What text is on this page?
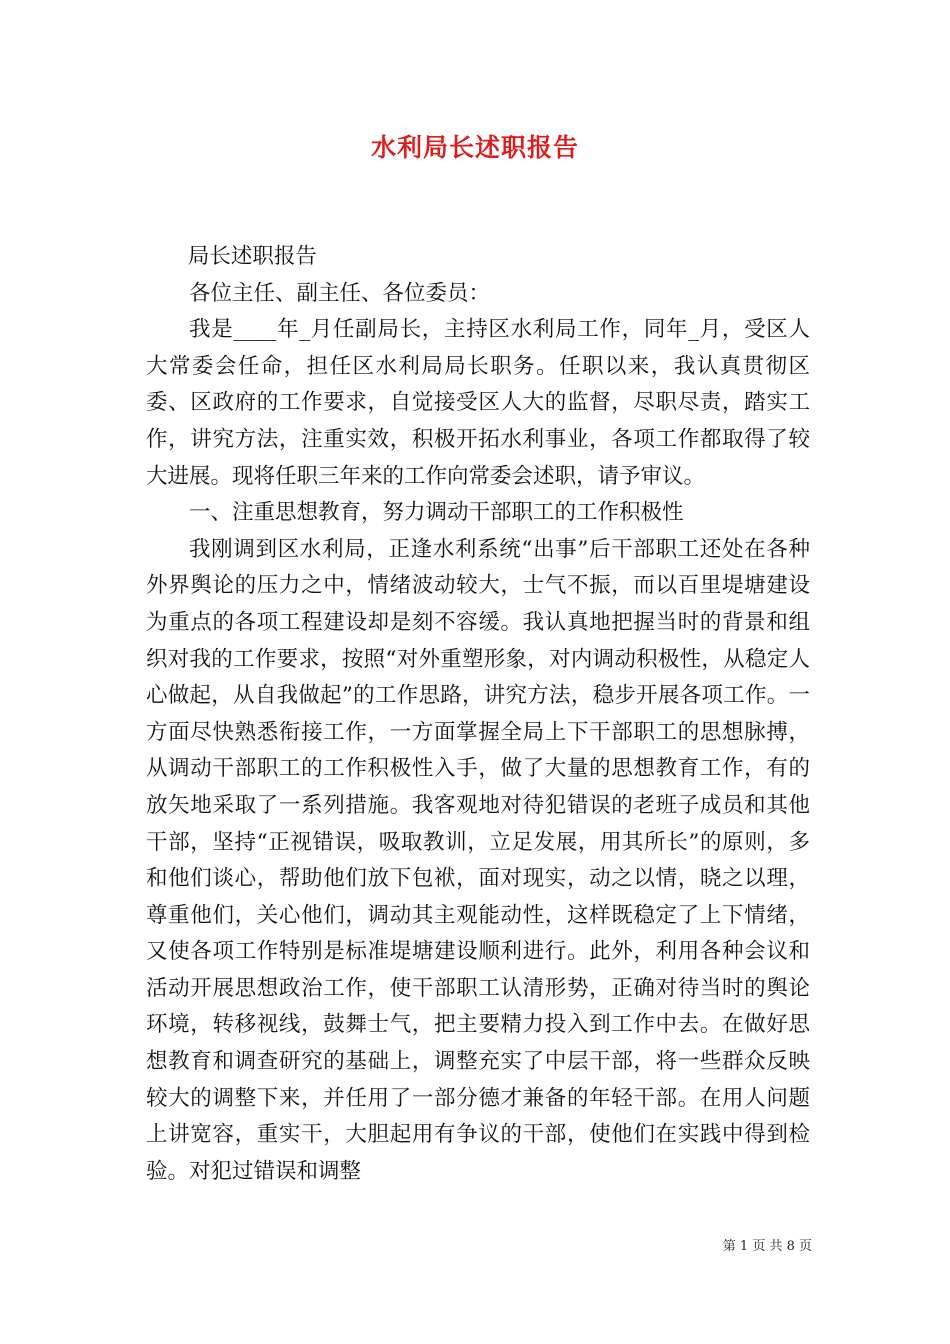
水利局长述职报告

局长述职报告

各位主任、副主任、各位委员：

我是____年_月任副局长，主持区水利局工作，同年_月，受区人大常委会任命，担任区水利局局长职务。任职以来，我认真贯彻区委、区政府的工作要求，自觉接受区人大的监督，尽职尽责，踏实工作，讲究方法，注重实效，积极开拓水利事业，各项工作都取得了较大进展。现将任职三年来的工作向常委会述职，请予审议。

一、注重思想教育，努力调动干部职工的工作积极性

我刚调到区水利局，正逢水利系统“出事”后干部职工还处在各种外界舆论的压力之中，情绪波动较大，士气不振，而以百里堤塘建设为重点的各项工程建设却是刻不容缓。我认真地把握当时的背景和组织对我的工作要求，按照“对外重塑形象，对内调动积极性，从稳定人心做起，从自我做起”的工作思路，讲究方法，稳步开展各项工作。一方面尽快熟悉衔接工作，一方面掌握全局上下干部职工的思想脉搏，从调动干部职工的工作积极性入手，做了大量的思想教育工作，有的放矢地采取了一系列措施。我客观地对待犯错误的老班子成员和其他干部，坚持“正视错误，吸取教训，立足发展，用其所长”的原则，多和他们谈心，帮助他们放下包袱，面对现实，动之以情，晓之以理，尊重他们，关心他们，调动其主观能动性，这样既稳定了上下情绪，又使各项工作特别是标准堤塘建设顺利进行。此外，利用各种会议和活动开展思想政治工作，使干部职工认清形势，正确对待当时的舆论环境，转移视线，鼓舞士气，把主要精力投入到工作中去。在做好思想教育和调查研究的基础上，调整充实了中层干部，将一些群众反映较大的调整下来，并任用了一部分德才兼备的年轻干部。在用人问题上讲宽容，重实干，大胆起用有争议的干部，使他们在实践中得到检验。对犯过错误和调整

第 1 页 共 8 页
